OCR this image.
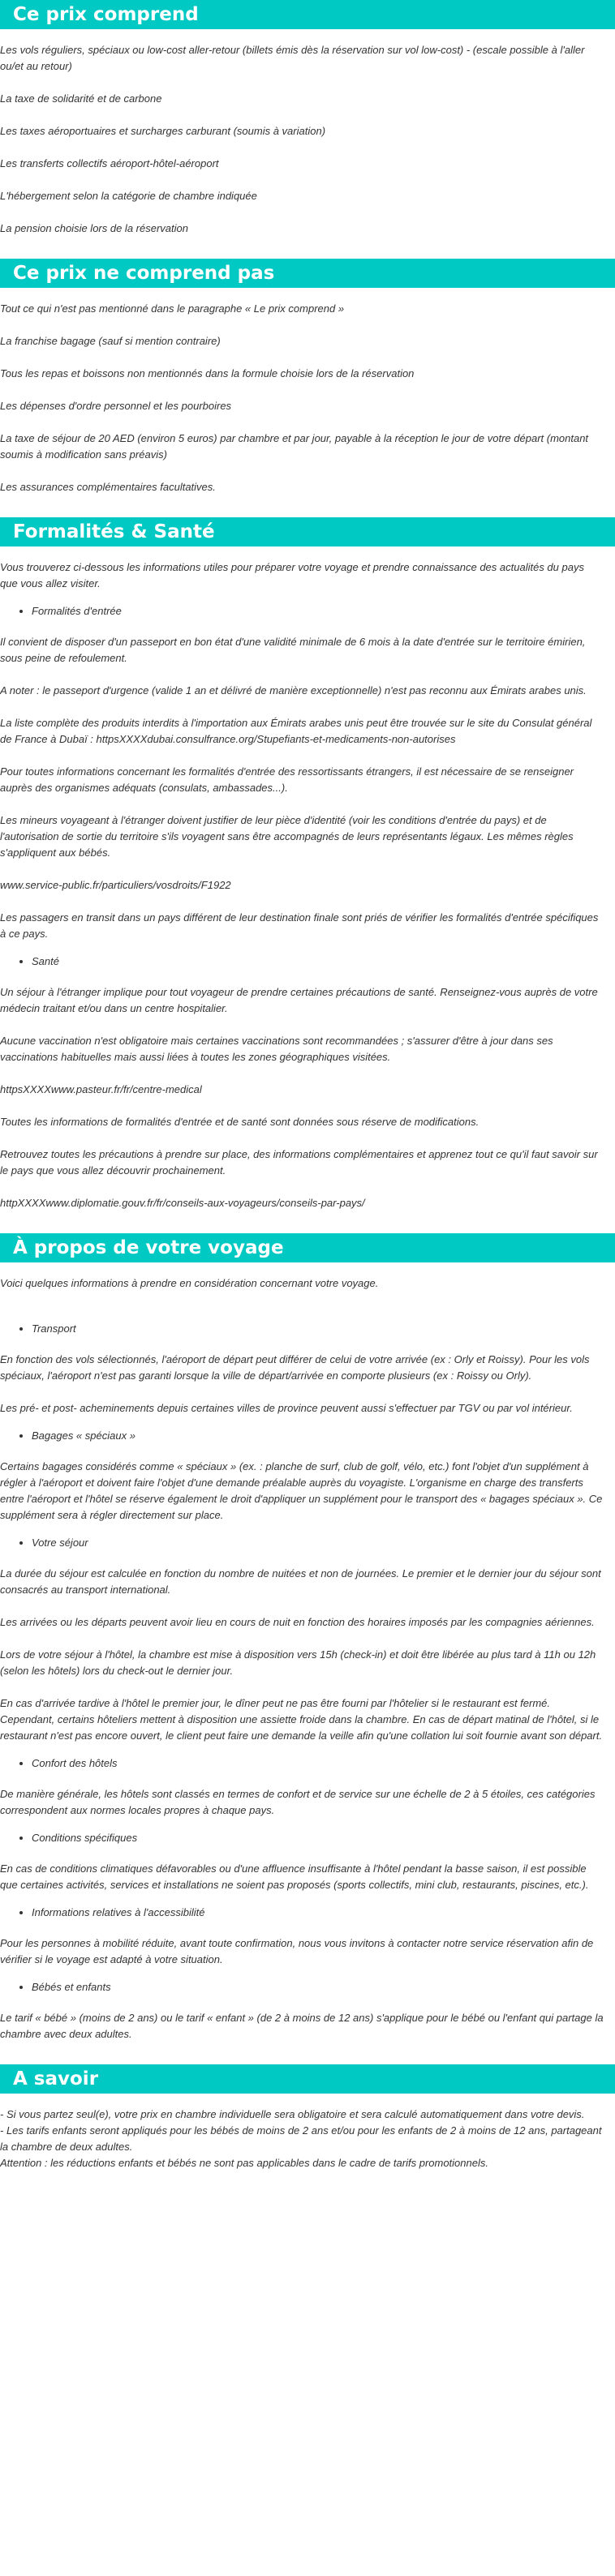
Ce prix comprend

Les vols réguliers, spéciaux ou low-cost aller-retour (billets émis dès la réservation sur vol low-cost) - (escale possible à l'aller ou/et au retour)

La taxe de solidarité et de carbone

Les taxes aéroportuaires et surcharges carburant (soumis à variation)

Les transferts collectifs aéroport-hôtel-aéroport

L'hébergement selon la catégorie de chambre indiquée

La pension choisie lors de la réservation

Ce prix ne comprend pas

Tout ce qui n'est pas mentionné dans le paragraphe « Le prix comprend »

La franchise bagage (sauf si mention contraire)

Tous les repas et boissons non mentionnés dans la formule choisie lors de la réservation

Les dépenses d'ordre personnel et les pourboires

La taxe de séjour de 20 AED (environ 5 euros) par chambre et par jour, payable à la réception le jour de votre départ (montant soumis à modification sans préavis)

Les assurances complémentaires facultatives.

Formalités & Santé

Vous trouverez ci-dessous les informations utiles pour préparer votre voyage et prendre connaissance des actualités du pays que vous allez visiter.

• Formalités d'entrée

Il convient de disposer d'un passeport en bon état d'une validité minimale de 6 mois à la date d'entrée sur le territoire émirien, sous peine de refoulement.

A noter : le passeport d'urgence (valide 1 an et délivré de manière exceptionnelle) n'est pas reconnu aux Émirats arabes unis.

La liste complète des produits interdits à l'importation aux Émirats arabes unis peut être trouvée sur le site du Consulat général de France à Dubaï : httpsXXXXdubai.consulfrance.org/Stupefiants-et-medicaments-non-autorises

Pour toutes informations concernant les formalités d'entrée des ressortissants étrangers, il est nécessaire de se renseigner auprès des organismes adéquats (consulats, ambassades...).

Les mineurs voyageant à l'étranger doivent justifier de leur pièce d'identité (voir les conditions d'entrée du pays) et de l'autorisation de sortie du territoire s'ils voyagent sans être accompagnés de leurs représentants légaux. Les mêmes règles s'appliquent aux bébés.

www.service-public.fr/particuliers/vosdroits/F1922

Les passagers en transit dans un pays différent de leur destination finale sont priés de vérifier les formalités d'entrée spécifiques à ce pays.

• Santé

Un séjour à l'étranger implique pour tout voyageur de prendre certaines précautions de santé. Renseignez-vous auprès de votre médecin traitant et/ou dans un centre hospitalier.

Aucune vaccination n'est obligatoire mais certaines vaccinations sont recommandées ; s'assurer d'être à jour dans ses vaccinations habituelles mais aussi liées à toutes les zones géographiques visitées.

httpsXXXXwww.pasteur.fr/fr/centre-medical

Toutes les informations de formalités d'entrée et de santé sont données sous réserve de modifications.

Retrouvez toutes les précautions à prendre sur place, des informations complémentaires et apprenez tout ce qu'il faut savoir sur le pays que vous allez découvrir prochainement.

httpXXXXwww.diplomatie.gouv.fr/fr/conseils-aux-voyageurs/conseils-par-pays/

À propos de votre voyage

Voici quelques informations à prendre en considération concernant votre voyage.

• Transport

En fonction des vols sélectionnés, l'aéroport de départ peut différer de celui de votre arrivée (ex : Orly et Roissy). Pour les vols spéciaux, l'aéroport n'est pas garanti lorsque la ville de départ/arrivée en comporte plusieurs (ex : Roissy ou Orly).

Les pré- et post- acheminements depuis certaines villes de province peuvent aussi s'effectuer par TGV ou par vol intérieur.

• Bagages « spéciaux »

Certains bagages considérés comme « spéciaux » (ex. : planche de surf, club de golf, vélo, etc.) font l'objet d'un supplément à régler à l'aéroport et doivent faire l'objet d'une demande préalable auprès du voyagiste. L'organisme en charge des transferts entre l'aéroport et l'hôtel se réserve également le droit d'appliquer un supplément pour le transport des « bagages spéciaux ». Ce supplément sera à régler directement sur place.

• Votre séjour

La durée du séjour est calculée en fonction du nombre de nuitées et non de journées. Le premier et le dernier jour du séjour sont consacrés au transport international.

Les arrivées ou les départs peuvent avoir lieu en cours de nuit en fonction des horaires imposés par les compagnies aériennes.

Lors de votre séjour à l'hôtel, la chambre est mise à disposition vers 15h (check-in) et doit être libérée au plus tard à 11h ou 12h (selon les hôtels) lors du check-out le dernier jour.

En cas d'arrivée tardive à l'hôtel le premier jour, le dîner peut ne pas être fourni par l'hôtelier si le restaurant est fermé. Cependant, certains hôteliers mettent à disposition une assiette froide dans la chambre. En cas de départ matinal de l'hôtel, si le restaurant n'est pas encore ouvert, le client peut faire une demande la veille afin qu'une collation lui soit fournie avant son départ.

• Confort des hôtels

De manière générale, les hôtels sont classés en termes de confort et de service sur une échelle de 2 à 5 étoiles, ces catégories correspondent aux normes locales propres à chaque pays.

• Conditions spécifiques

En cas de conditions climatiques défavorables ou d'une affluence insuffisante à l'hôtel pendant la basse saison, il est possible que certaines activités, services et installations ne soient pas proposés (sports collectifs, mini club, restaurants, piscines, etc.).

• Informations relatives à l'accessibilité

Pour les personnes à mobilité réduite, avant toute confirmation, nous vous invitons à contacter notre service réservation afin de vérifier si le voyage est adapté à votre situation.

• Bébés et enfants

Le tarif « bébé » (moins de 2 ans) ou le tarif « enfant » (de 2 à moins de 12 ans) s'applique pour le bébé ou l'enfant qui partage la chambre avec deux adultes.

A savoir

- Si vous partez seul(e), votre prix en chambre individuelle sera obligatoire et sera calculé automatiquement dans votre devis.

- Les tarifs enfants seront appliqués pour les bébés de moins de 2 ans et/ou pour les enfants de 2 à moins de 12 ans, partageant la chambre de deux adultes.

Attention : les réductions enfants et bébés ne sont pas applicables dans le cadre de tarifs promotionnels.
